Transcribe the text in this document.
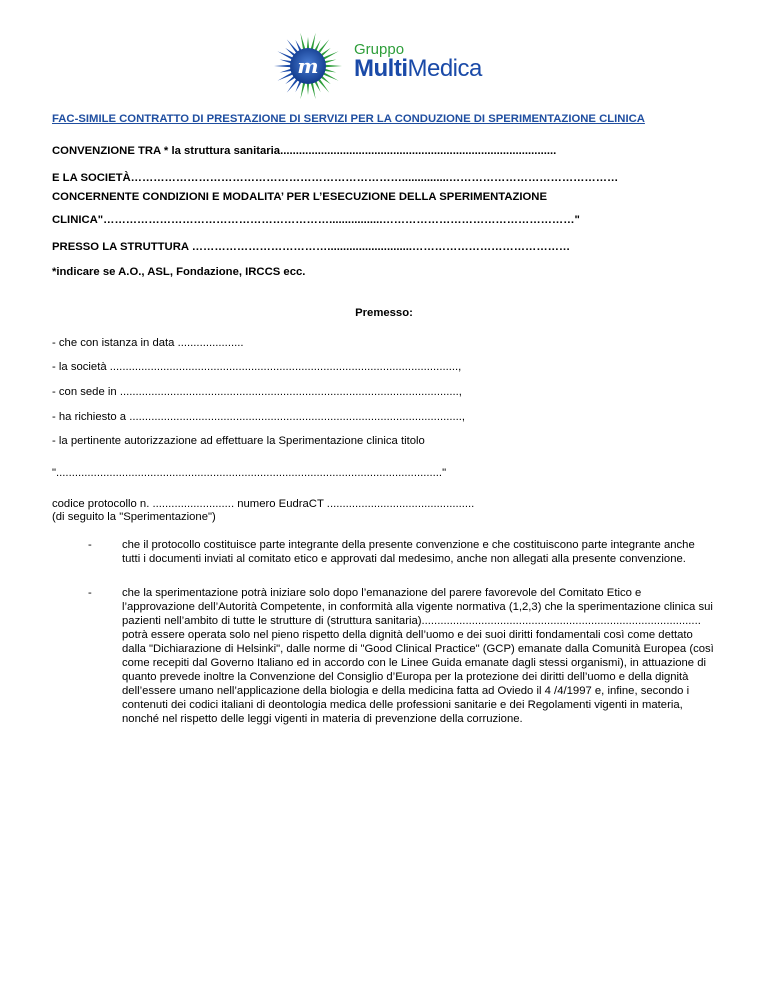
m
Gruppo
MultiMedica
FAC-SIMILE CONTRATTO DI PRESTAZIONE DI SERVIZI PER LA CONDUZIONE DI SPERIMENTAZIONE CLINICA
CONVENZIONE TRA * la struttura sanitaria........................................................................................
E LA SOCIETÀ………………………………………………………………...............………………………………………
CONCERNENTE CONDIZIONI E MODALITA’ PER L’ESECUZIONE DELLA SPERIMENTAZIONE
CLINICA"…………………………………………………….................……………………………………………"
PRESSO LA STRUTTURA ………………………………...........................……………………………………
*indicare se A.O., ASL, Fondazione, IRCCS ecc.
Premesso:
- che con istanza in data .....................
- la società ...............................................................................................................,
- con sede in ............................................................................................................,
- ha richiesto a ..........................................................................................................,
- la pertinente autorizzazione ad effettuare la Sperimentazione clinica titolo
"..........................................................................................................................."
codice protocollo n. .......................... numero EudraCT ...............................................
(di seguito la "Sperimentazione")
-	che il protocollo costituisce parte integrante della presente convenzione e che costituiscono parte integrante anche tutti i documenti inviati al comitato etico e approvati dal medesimo, anche non allegati alla presente convenzione.
-	che la sperimentazione potrà iniziare solo dopo l’emanazione del parere favorevole del Comitato Etico e l’approvazione dell’Autorità Competente, in conformità alla vigente normativa (1,2,3) che la sperimentazione clinica sui pazienti nell’ambito di tutte le strutture di (struttura sanitaria).........................................................................................
potrà essere operata solo nel pieno rispetto della dignità dell’uomo e dei suoi diritti fondamentali così come dettato dalla "Dichiarazione di Helsinki", dalle norme di "Good Clinical Practice" (GCP) emanate dalla Comunità Europea (così come recepiti dal Governo Italiano ed in accordo con le Linee Guida emanate dagli stessi organismi), in attuazione di quanto prevede inoltre la Convenzione del Consiglio d’Europa per la protezione dei diritti dell’uomo e della dignità dell’essere umano nell’applicazione della biologia e della medicina fatta ad Oviedo il 4 /4/1997 e, infine, secondo i contenuti dei codici italiani di deontologia medica delle professioni sanitarie e dei Regolamenti vigenti in materia, nonché nel rispetto delle leggi vigenti in materia di prevenzione della corruzione.
